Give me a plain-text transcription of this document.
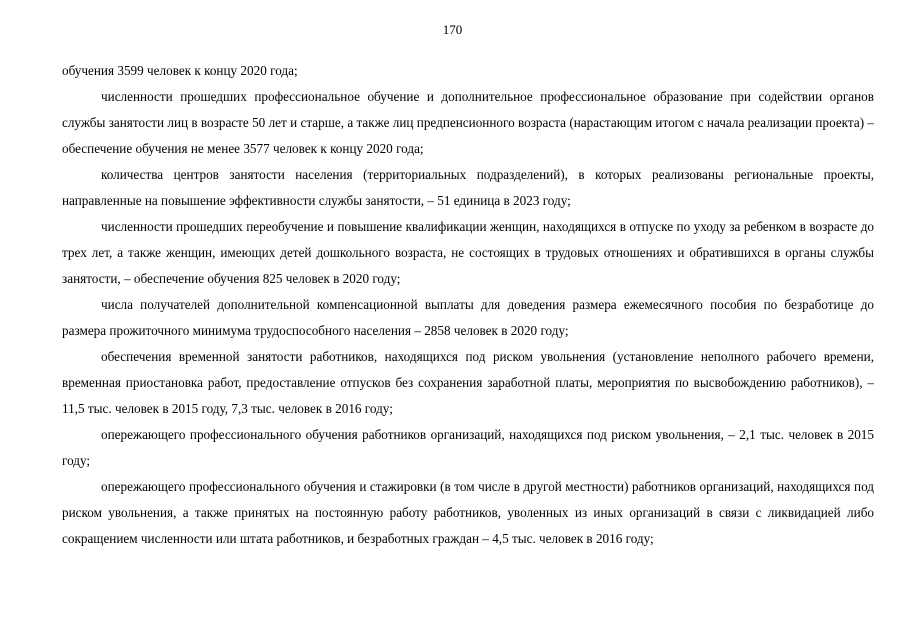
170

обучения 3599 человек к концу 2020 года;

численности прошедших профессиональное обучение и дополнительное профессиональное образование при содействии органов службы занятости лиц в возрасте 50 лет и старше, а также лиц предпенсионного возраста (нарастающим итогом с начала реализации проекта) – обеспечение обучения не менее 3577 человек к концу 2020 года;

количества центров занятости населения (территориальных подразделений), в которых реализованы региональные проекты, направленные на повышение эффективности службы занятости, – 51 единица в 2023 году;

численности прошедших переобучение и повышение квалификации женщин, находящихся в отпуске по уходу за ребенком в возрасте до трех лет, а также женщин, имеющих детей дошкольного возраста, не состоящих в трудовых отношениях и обратившихся в органы службы занятости, – обеспечение обучения 825 человек в 2020 году;

числа получателей дополнительной компенсационной выплаты для доведения размера ежемесячного пособия по безработице до размера прожиточного минимума трудоспособного населения – 2858 человек в 2020 году;

обеспечения временной занятости работников, находящихся под риском увольнения (установление неполного рабочего времени, временная приостановка работ, предоставление отпусков без сохранения заработной платы, мероприятия по высвобождению работников), – 11,5 тыс. человек в 2015 году, 7,3 тыс. человек в 2016 году;

опережающего профессионального обучения работников организаций, находящихся под риском увольнения, – 2,1 тыс. человек в 2015 году;

опережающего профессионального обучения и стажировки (в том числе в другой местности) работников организаций, находящихся под риском увольнения, а также принятых на постоянную работу работников, уволенных из иных организаций в связи с ликвидацией либо сокращением численности или штата работников, и безработных граждан – 4,5 тыс. человек в 2016 году;
